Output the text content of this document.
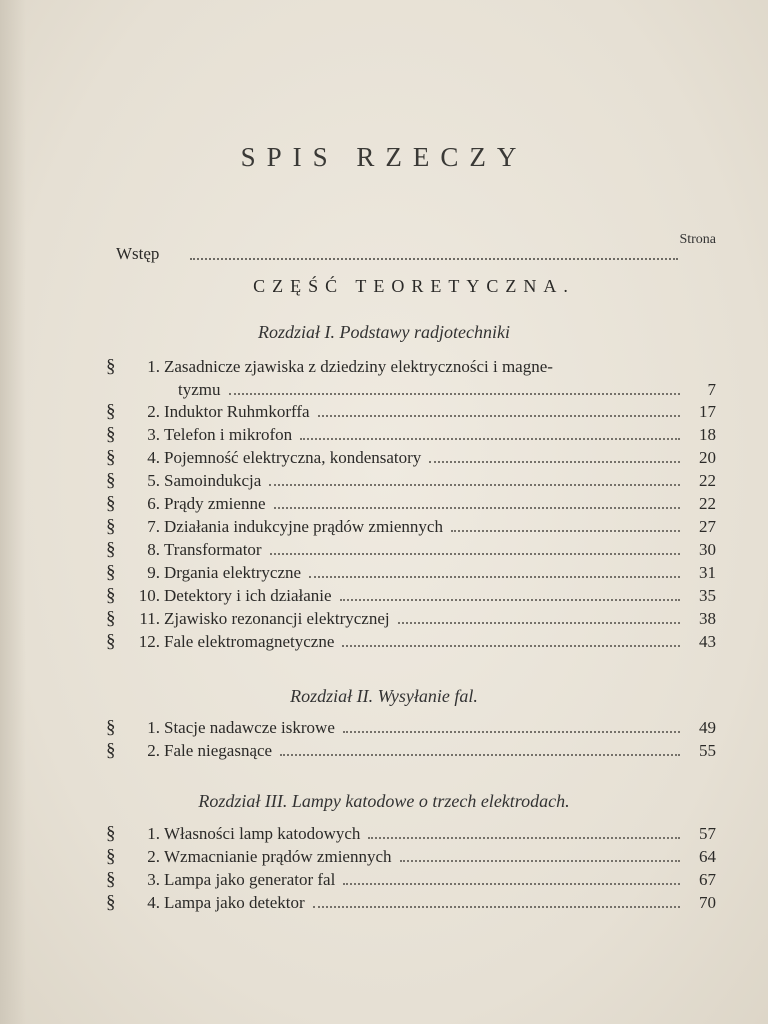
SPIS RZECZY
Strona
Wstęp
CZĘŚĆ TEORETYCZNA.
Rozdział I. Podstawy radjotechniki
§	1. Zasadnicze zjawiska z dziedziny elektryczności i magne-
tyzmu	7
§	2. Induktor Ruhmkorffa	17
§	3. Telefon i mikrofon	18
§	4. Pojemność elektryczna, kondensatory	20
§	5. Samoindukcja	22
§	6. Prądy zmienne	22
§	7. Działania indukcyjne prądów zmiennych	27
§	8. Transformator	30
§	9. Drgania elektryczne	31
§	10. Detektory i ich działanie	35
§	11. Zjawisko rezonancji elektrycznej	38
§	12. Fale elektromagnetyczne	43
Rozdział II. Wysyłanie fal.
§	1. Stacje nadawcze iskrowe	49
§	2. Fale niegasnące	55
Rozdział III. Lampy katodowe o trzech elektrodach.
§	1. Własności lamp katodowych	57
§	2. Wzmacnianie prądów zmiennych	64
§	3. Lampa jako generator fal	67
§	4. Lampa jako detektor	70
